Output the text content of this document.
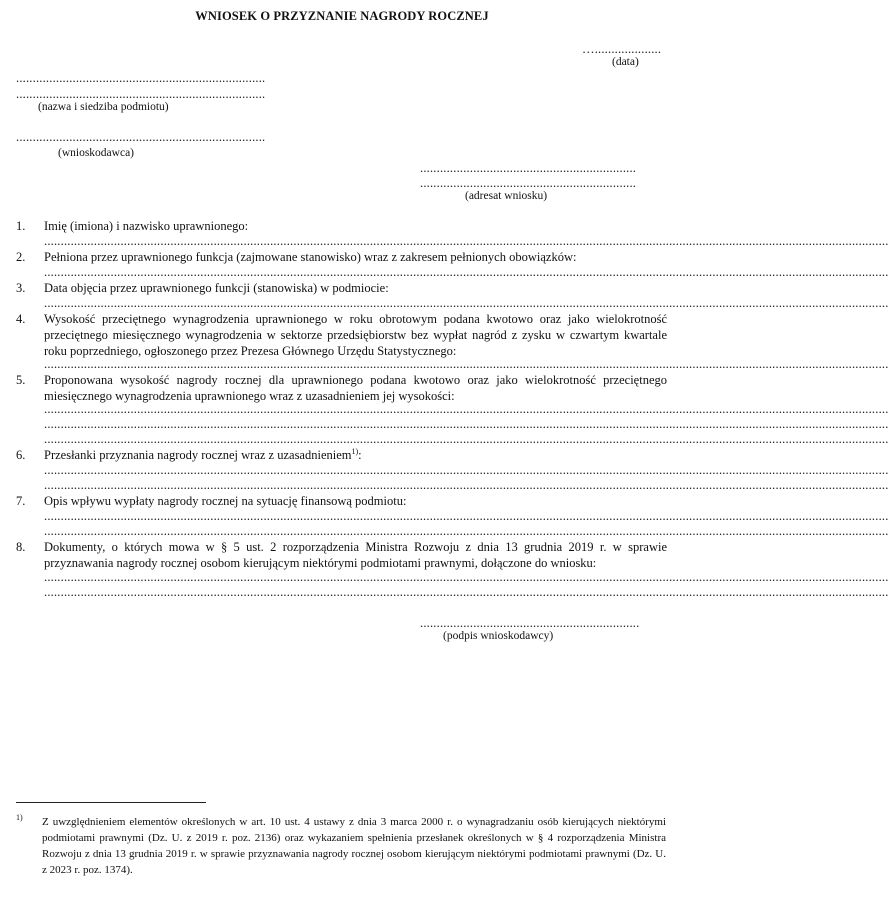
WNIOSEK O PRZYZNANIE NAGRODY ROCZNEJ
…....................
(data)
...........................................................................
...........................................................................
(nazwa i siedziba podmiotu)
...........................................................................
(wnioskodawca)
.................................................................
.................................................................
(adresat wniosku)
1. Imię (imiona) i nazwisko uprawnionego:
..............................................................................................................................................................................................................................................................
2. Pełniona przez uprawnionego funkcja (zajmowane stanowisko) wraz z zakresem pełnionych obowiązków:
..............................................................................................................................................................................................................................................................
3. Data objęcia przez uprawnionego funkcji (stanowiska) w podmiocie:
..............................................................................................................................................................................................................................................................
4. Wysokość przeciętnego wynagrodzenia uprawnionego w roku obrotowym podana kwotowo oraz jako wielokrotność przeciętnego miesięcznego wynagrodzenia w sektorze przedsiębiorstw bez wypłat nagród z zysku w czwartym kwartale roku poprzedniego, ogłoszonego przez Prezesa Głównego Urzędu Statystycznego:
..............................................................................................................................................................................................................................................................
5. Proponowana wysokość nagrody rocznej dla uprawnionego podana kwotowo oraz jako wielokrotność przeciętnego miesięcznego wynagrodzenia uprawnionego wraz z uzasadnieniem jej wysokości:
..............................................................................................................................................................................................................................................................
..............................................................................................................................................................................................................................................................
..............................................................................................................................................................................................................................................................
6. Przesłanki przyznania nagrody rocznej wraz z uzasadnieniem$^{1)}$:
..............................................................................................................................................................................................................................................................
..............................................................................................................................................................................................................................................................
7. Opis wpływu wypłaty nagrody rocznej na sytuację finansową podmiotu:
..............................................................................................................................................................................................................................................................
..............................................................................................................................................................................................................................................................
8. Dokumenty, o których mowa w § 5 ust. 2 rozporządzenia Ministra Rozwoju z dnia 13 grudnia 2019 r. w sprawie przyznawania nagrody rocznej osobom kierującym niektórymi podmiotami prawnymi, dołączone do wniosku:
..............................................................................................................................................................................................................................................................
..............................................................................................................................................................................................................................................................
..................................................................
(podpis wnioskodawcy)
1) Z uwzględnieniem elementów określonych w art. 10 ust. 4 ustawy z dnia 3 marca 2000 r. o wynagradzaniu osób kierujących niektórymi podmiotami prawnymi (Dz. U. z 2019 r. poz. 2136) oraz wykazaniem spełnienia przesłanek określonych w § 4 rozporządzenia Ministra Rozwoju z dnia 13 grudnia 2019 r. w sprawie przyznawania nagrody rocznej osobom kierującym niektórymi podmiotami prawnymi (Dz. U. z 2023 r. poz. 1374).
